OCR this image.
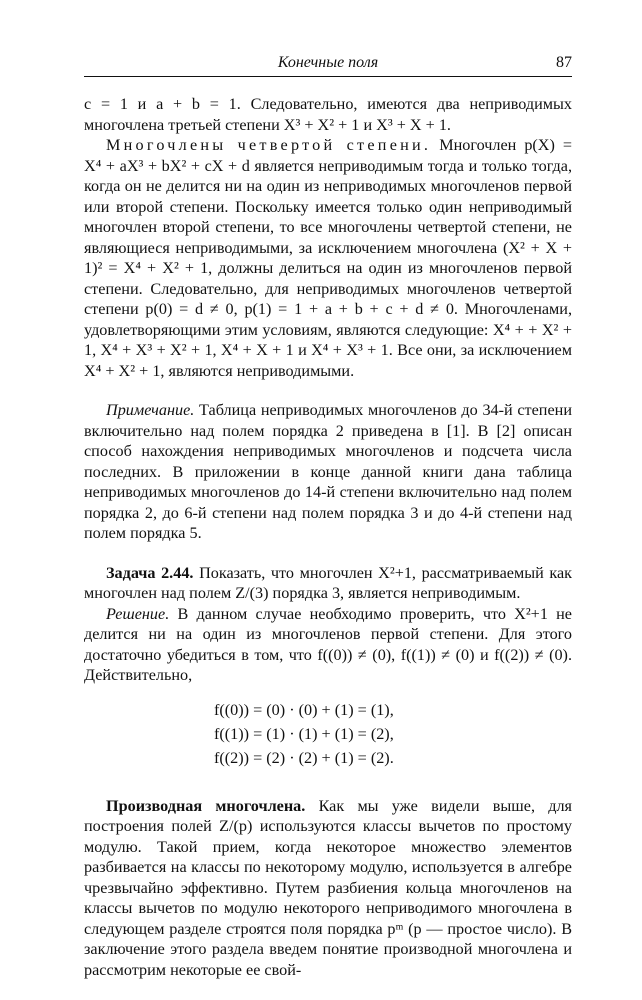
Конечные поля	87

c = 1 и a + b = 1. Следовательно, имеются два неприводимых многочлена третьей степени X³ + X² + 1 и X³ + X + 1.

Многочлены четвертой степени. Многочлен p(X) = X⁴ + aX³ + bX² + cX + d является неприводимым тогда и только тогда, когда он не делится ни на один из неприводимых многочленов первой или второй степени. Поскольку имеется только один неприводимый многочлен второй степени, то все многочлены четвертой степени, не являющиеся неприводимыми, за исключением многочлена (X² + X + 1)² = X⁴ + X² + 1, должны делиться на один из многочленов первой степени. Следовательно, для неприводимых многочленов четвертой степени p(0) = d ≠ 0, p(1) = 1 + a + b + c + d ≠ 0. Многочленами, удовлетворяющими этим условиям, являются следующие: X⁴ + + X² + 1, X⁴ + X³ + X² + 1, X⁴ + X + 1 и X⁴ + X³ + 1. Все они, за исключением X⁴ + X² + 1, являются неприводимыми.

Примечание. Таблица неприводимых многочленов до 34-й степени включительно над полем порядка 2 приведена в [1]. В [2] описан способ нахождения неприводимых многочленов и подсчета числа последних. В приложении в конце данной книги дана таблица неприводимых многочленов до 14-й степени включительно над полем порядка 2, до 6-й степени над полем порядка 3 и до 4-й степени над полем порядка 5.

Задача 2.44. Показать, что многочлен X²+1, рассматриваемый как многочлен над полем Z/(3) порядка 3, является неприводимым.

Решение. В данном случае необходимо проверить, что X²+1 не делится ни на один из многочленов первой степени. Для этого достаточно убедиться в том, что f((0)) ≠ (0), f((1)) ≠ (0) и f((2)) ≠ (0). Действительно,

f((0)) = (0) · (0) + (1) = (1),
f((1)) = (1) · (1) + (1) = (2),
f((2)) = (2) · (2) + (1) = (2).

Производная многочлена. Как мы уже видели выше, для построения полей Z/(p) используются классы вычетов по простому модулю. Такой прием, когда некоторое множество элементов разбивается на классы по некоторому модулю, используется в алгебре чрезвычайно эффективно. Путем разбиения кольца многочленов на классы вычетов по модулю некоторого неприводимого многочлена в следующем разделе строятся поля порядка pᵐ (p — простое число). В заключение этого раздела введем понятие производной многочлена и рассмотрим некоторые ее свой-
